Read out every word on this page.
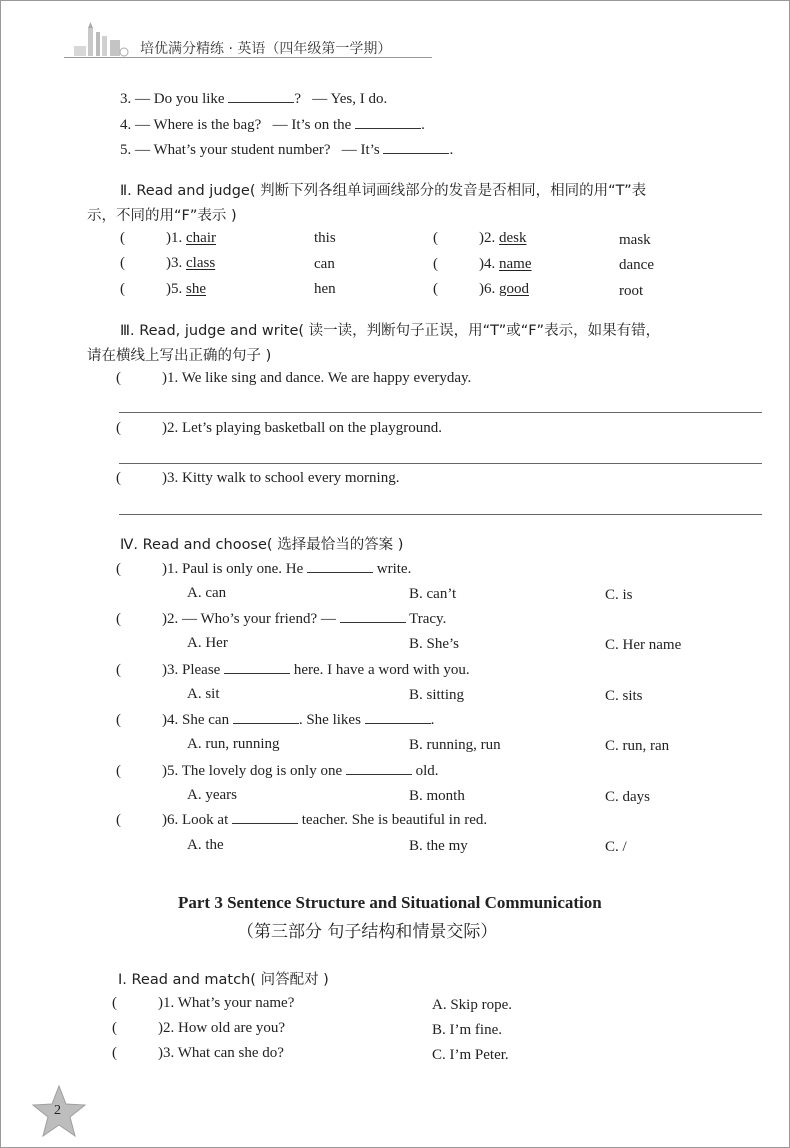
培优满分精练 · 英语（四年级第一学期）
3. — Do you like	? — Yes, I do.
4. — Where is the bag? — It’s on the	.
5. — What’s your student number? — It’s	.
Ⅱ. Read and judge( 判断下列各组单词画线部分的发音是否相同，相同的用“T”表
示，不同的用“F”表示 )
(	)1. chair	this	(	)2. desk	mask
(	)3. class	can	(	)4. name	dance
(	)5. she	hen	(	)6. good	root
Ⅲ. Read, judge and write( 读一读，判断句子正误，用“T”或“F”表示，如果有错，
请在横线上写出正确的句子 )
(	)1. We like sing and dance. We are happy everyday.
(	)2. Let’s playing basketball on the playground.
(	)3. Kitty walk to school every morning.
Ⅳ. Read and choose( 选择最恰当的答案 )
(	)1. Paul is only one. He	write.
A. can	B. can’t	C. is
(	)2. — Who’s your friend? —	Tracy.
A. Her	B. She’s	C. Her name
(	)3. Please	here. I have a word with you.
A. sit	B. sitting	C. sits
(	)4. She can	. She likes	.
A. run, running	B. running, run	C. run, ran
(	)5. The lovely dog is only one	old.
A. years	B. month	C. days
(	)6. Look at	teacher. She is beautiful in red.
A. the	B. the my	C. /
Part 3 Sentence Structure and Situational Communication
（第三部分 句子结构和情景交际）
Ⅰ. Read and match( 问答配对 )
(	)1. What’s your name?	A. Skip rope.
(	)2. How old are you?	B. I’m fine.
(	)3. What can she do?	C. I’m Peter.
2
